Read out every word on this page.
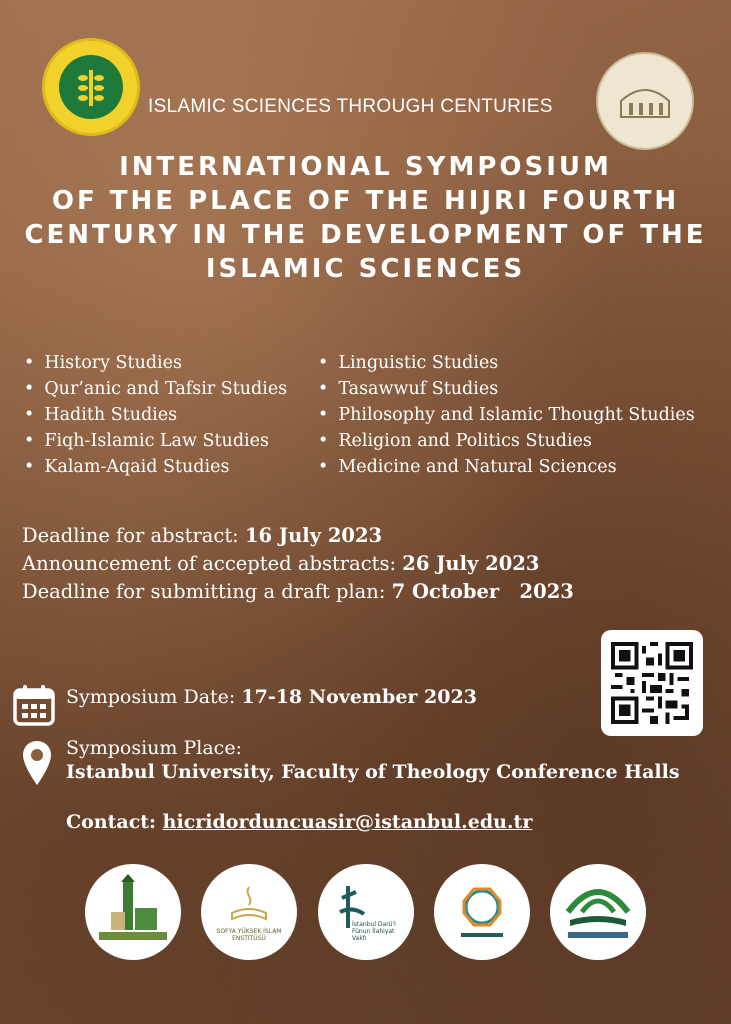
ISLAMIC SCIENCES THROUGH CENTURIES
INTERNATIONAL SYMPOSIUM
OF THE PLACE OF THE HIJRI FOURTH
CENTURY IN THE DEVELOPMENT OF THE
ISLAMIC SCIENCES
• History Studies
• Qur’anic and Tafsir Studies
• Hadith Studies
• Fiqh-Islamic Law Studies
• Kalam-Aqaid Studies
• Linguistic Studies
• Tasawwuf Studies
• Philosophy and Islamic Thought Studies
• Religion and Politics Studies
• Medicine and Natural Sciences
Deadline for abstract: 16 July 2023
Announcement of accepted abstracts: 26 July 2023
Deadline for submitting a draft plan: 7 October   2023
Symposium Date: 17-18 November 2023
Symposium Place:
Istanbul University, Faculty of Theology Conference Halls
Contact: hicridorduncuasir@istanbul.edu.tr
SOFYA YÜKSEK İSLAM ENSTİTÜSÜ
İstanbul Darü'l Fünun İlahiyat Vakfı
